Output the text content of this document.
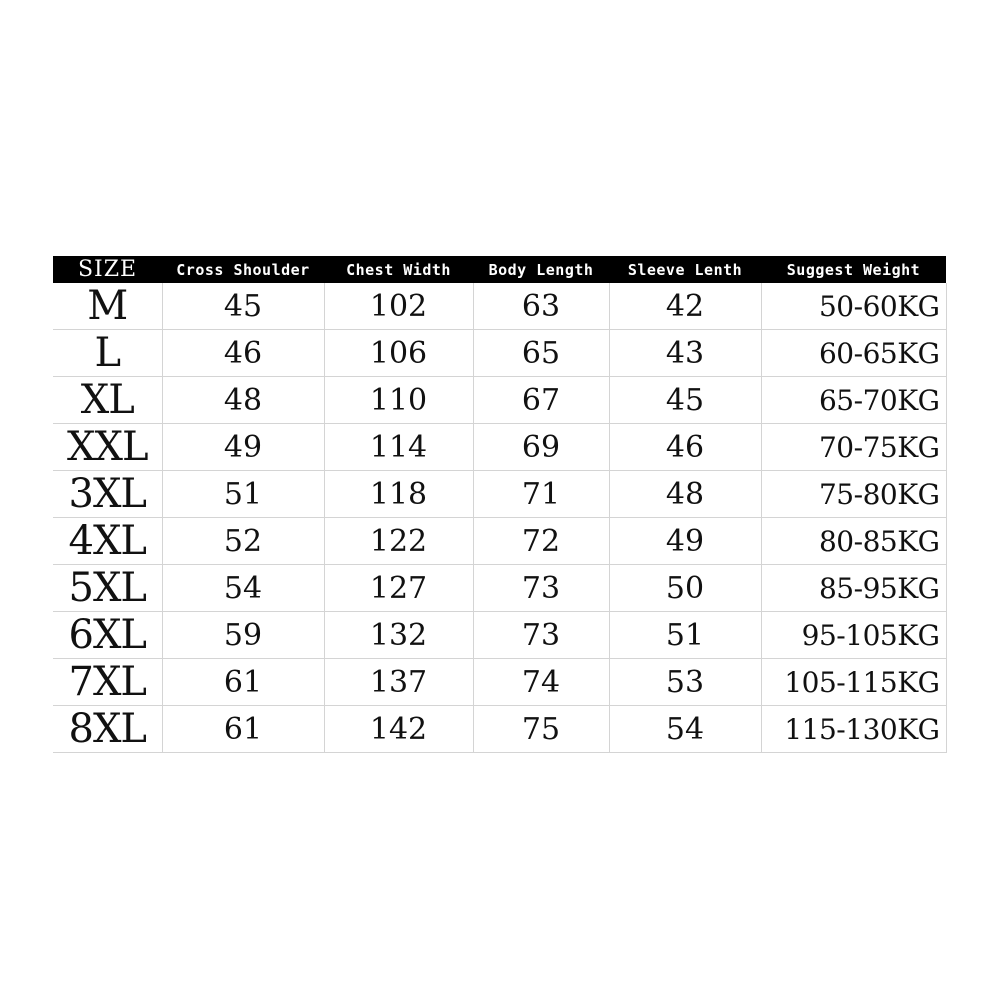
SIZE	Cross Shoulder	Chest Width	Body Length	Sleeve Lenth	Suggest Weight
M	45	102	63	42	50-60KG
L	46	106	65	43	60-65KG
XL	48	110	67	45	65-70KG
XXL	49	114	69	46	70-75KG
3XL	51	118	71	48	75-80KG
4XL	52	122	72	49	80-85KG
5XL	54	127	73	50	85-95KG
6XL	59	132	73	51	95-105KG
7XL	61	137	74	53	105-115KG
8XL	61	142	75	54	115-130KG
